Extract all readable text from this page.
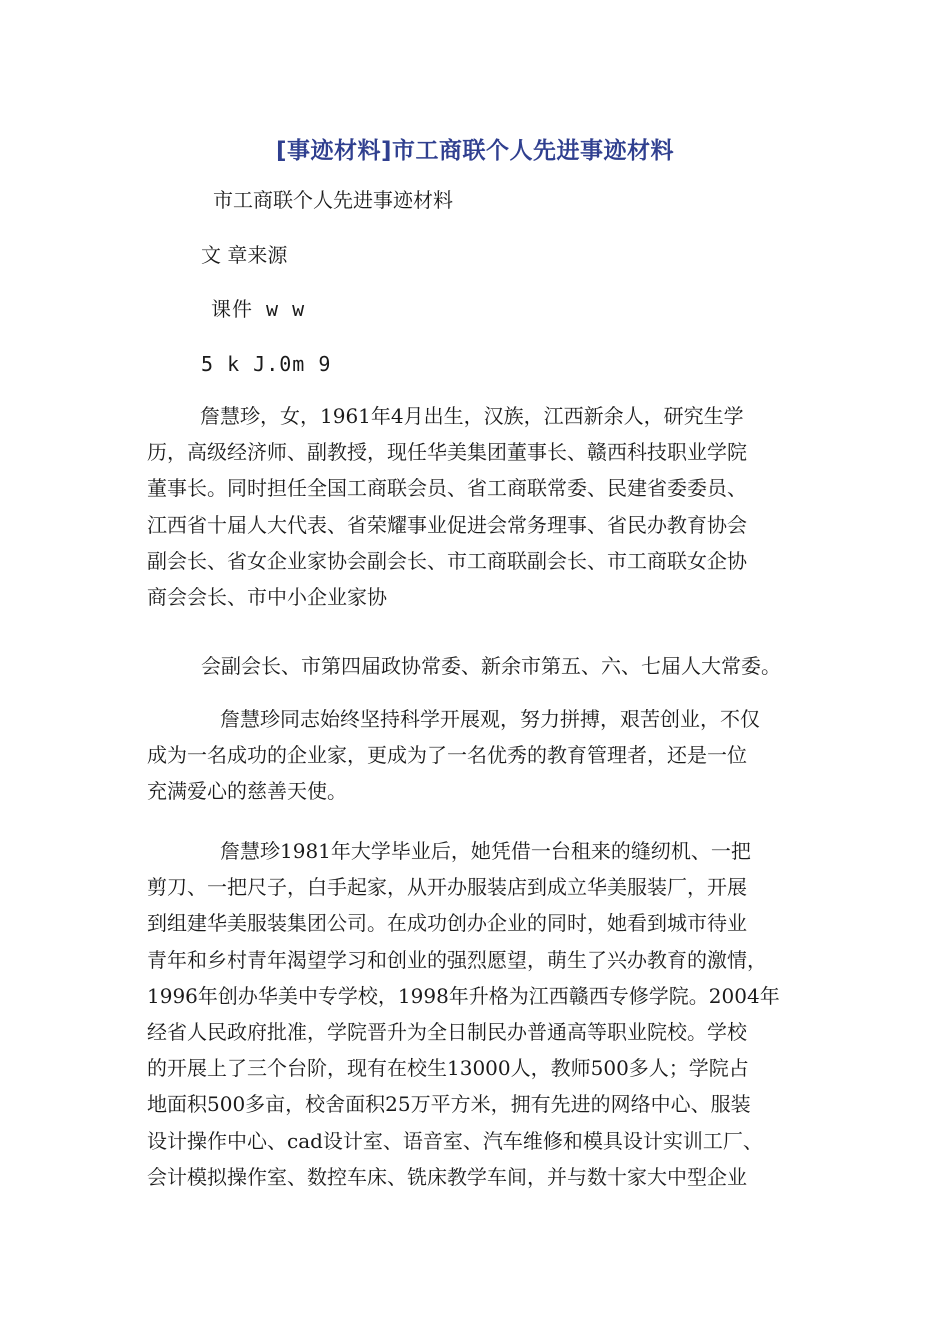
[事迹材料]市工商联个人先进事迹材料
市工商联个人先进事迹材料
文 章来源
课件 w w
5 k J.0m 9
詹慧珍，女，1961年4月出生，汉族，江西新余人，研究生学
历，高级经济师、副教授，现任华美集团董事长、赣西科技职业学院
董事长。同时担任全国工商联会员、省工商联常委、民建省委委员、
江西省十届人大代表、省荣耀事业促进会常务理事、省民办教育协会
副会长、省女企业家协会副会长、市工商联副会长、市工商联女企协
商会会长、市中小企业家协
会副会长、市第四届政协常委、新余市第五、六、七届人大常委。
詹慧珍同志始终坚持科学开展观，努力拼搏，艰苦创业，不仅
成为一名成功的企业家，更成为了一名优秀的教育管理者，还是一位
充满爱心的慈善天使。
詹慧珍1981年大学毕业后，她凭借一台租来的缝纫机、一把
剪刀、一把尺子，白手起家，从开办服装店到成立华美服装厂，开展
到组建华美服装集团公司。在成功创办企业的同时，她看到城市待业
青年和乡村青年渴望学习和创业的强烈愿望，萌生了兴办教育的激情，
1996年创办华美中专学校，1998年升格为江西赣西专修学院。2004年
经省人民政府批准，学院晋升为全日制民办普通高等职业院校。学校
的开展上了三个台阶，现有在校生13000人，教师500多人；学院占
地面积500多亩，校舍面积25万平方米，拥有先进的网络中心、服装
设计操作中心、cad设计室、语音室、汽车维修和模具设计实训工厂、
会计模拟操作室、数控车床、铣床教学车间，并与数十家大中型企业
